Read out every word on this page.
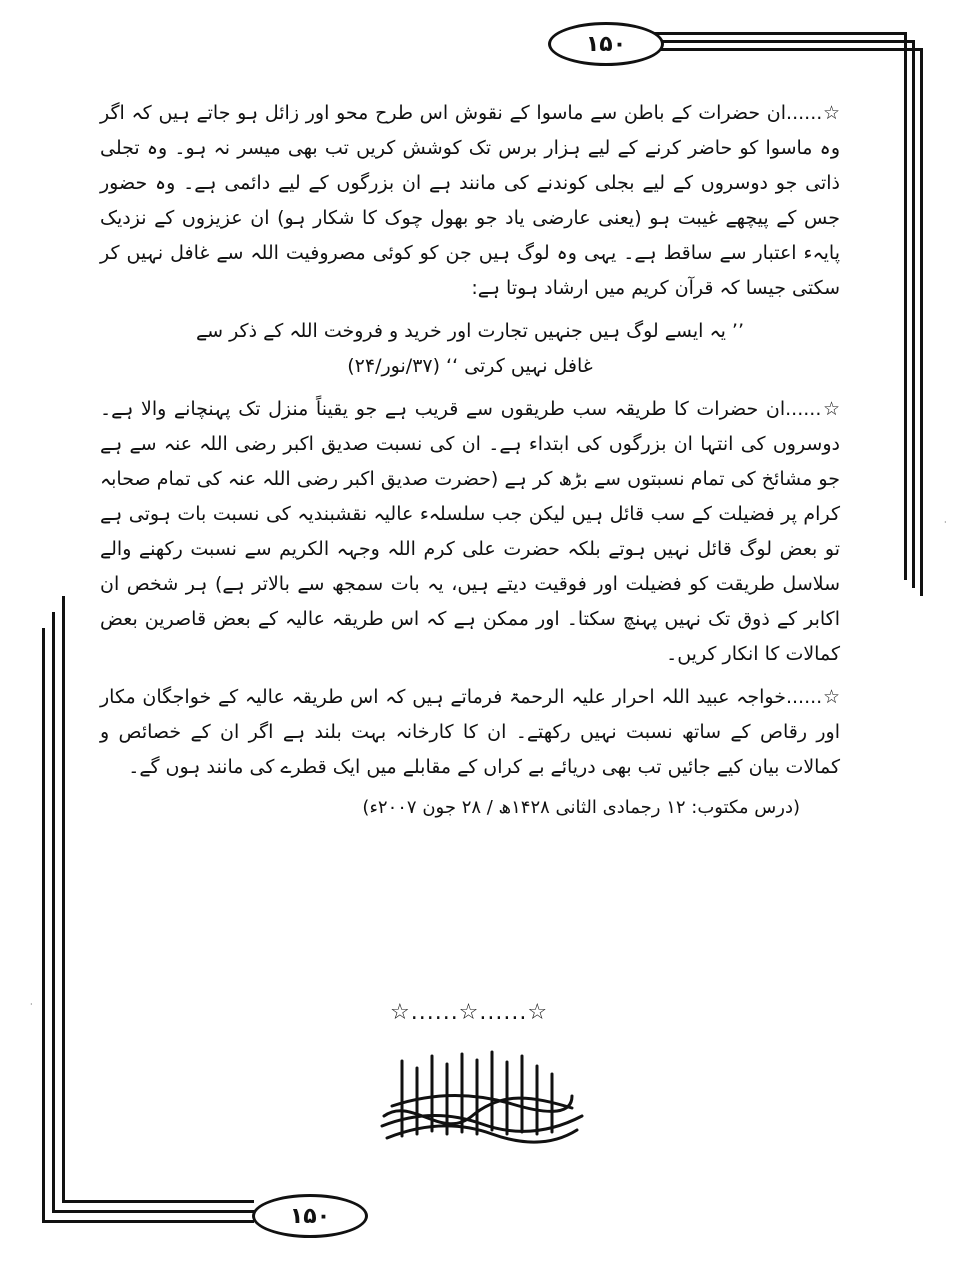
۱۵۰
۱۵۰

☆......ان حضرات کے باطن سے ماسوا کے نقوش اس طرح محو اور زائل ہو جاتے ہیں کہ اگر وہ ماسوا کو حاضر کرنے کے لیے ہزار برس تک کوشش کریں تب بھی میسر نہ ہو۔ وہ تجلی ذاتی جو دوسروں کے لیے بجلی کوندنے کی مانند ہے ان بزرگوں کے لیے دائمی ہے۔ وہ حضور جس کے پیچھے غیبت ہو (یعنی عارضی یاد جو بھول چوک کا شکار ہو) ان عزیزوں کے نزدیک پایہء اعتبار سے ساقط ہے۔ یہی وہ لوگ ہیں جن کو کوئی مصروفیت اللہ سے غافل نہیں کر سکتی جیسا کہ قرآن کریم میں ارشاد ہوتا ہے:

’’ یہ ایسے لوگ ہیں جنہیں تجارت اور خرید و فروخت اللہ کے ذکر سے
غافل نہیں کرتی ‘‘ (۳۷/نور/۲۴)

☆......ان حضرات کا طریقہ سب طریقوں سے قریب ہے جو یقیناً منزل تک پہنچانے والا ہے۔ دوسروں کی انتہا ان بزرگوں کی ابتداء ہے۔ ان کی نسبت صدیق اکبر رضی اللہ عنہ سے ہے جو مشائخ کی تمام نسبتوں سے بڑھ کر ہے (حضرت صدیق اکبر رضی اللہ عنہ کی تمام صحابہ کرام پر فضیلت کے سب قائل ہیں لیکن جب سلسلہء عالیہ نقشبندیہ کی نسبت بات ہوتی ہے تو بعض لوگ قائل نہیں ہوتے بلکہ حضرت علی کرم اللہ وجہہ الکریم سے نسبت رکھنے والے سلاسل طریقت کو فضیلت اور فوقیت دیتے ہیں، یہ بات سمجھ سے بالاتر ہے) ہر شخص ان اکابر کے ذوق تک نہیں پہنچ سکتا۔ اور ممکن ہے کہ اس طریقہ عالیہ کے بعض قاصرین بعض کمالات کا انکار کریں۔

☆......خواجہ عبید اللہ احرار علیہ الرحمۃ فرماتے ہیں کہ اس طریقہ عالیہ کے خواجگان مکار اور رقاص کے ساتھ نسبت نہیں رکھتے۔ ان کا کارخانہ بہت بلند ہے اگر ان کے خصائص و کمالات بیان کیے جائیں تب بھی دریائے بے کراں کے مقابلے میں ایک قطرے کی مانند ہوں گے۔

(درس مکتوب: ۱۲ رجمادی الثانی ۱۴۲۸ھ / ۲۸ جون ۲۰۰۷ء)
☆......☆......☆
·
·
